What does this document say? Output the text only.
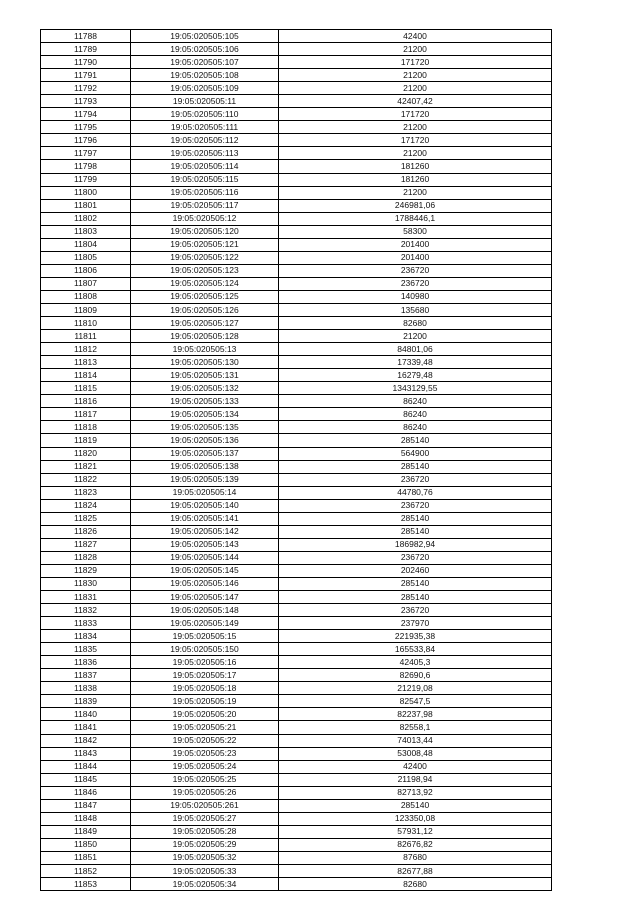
11788	19:05:020505:105	42400
11789	19:05:020505:106	21200
11790	19:05:020505:107	171720
11791	19:05:020505:108	21200
11792	19:05:020505:109	21200
11793	19:05:020505:11	42407,42
11794	19:05:020505:110	171720
11795	19:05:020505:111	21200
11796	19:05:020505:112	171720
11797	19:05:020505:113	21200
11798	19:05:020505:114	181260
11799	19:05:020505:115	181260
11800	19:05:020505:116	21200
11801	19:05:020505:117	246981,06
11802	19:05:020505:12	1788446,1
11803	19:05:020505:120	58300
11804	19:05:020505:121	201400
11805	19:05:020505:122	201400
11806	19:05:020505:123	236720
11807	19:05:020505:124	236720
11808	19:05:020505:125	140980
11809	19:05:020505:126	135680
11810	19:05:020505:127	82680
11811	19:05:020505:128	21200
11812	19:05:020505:13	84801,06
11813	19:05:020505:130	17339,48
11814	19:05:020505:131	16279,48
11815	19:05:020505:132	1343129,55
11816	19:05:020505:133	86240
11817	19:05:020505:134	86240
11818	19:05:020505:135	86240
11819	19:05:020505:136	285140
11820	19:05:020505:137	564900
11821	19:05:020505:138	285140
11822	19:05:020505:139	236720
11823	19:05:020505:14	44780,76
11824	19:05:020505:140	236720
11825	19:05:020505:141	285140
11826	19:05:020505:142	285140
11827	19:05:020505:143	186982,94
11828	19:05:020505:144	236720
11829	19:05:020505:145	202460
11830	19:05:020505:146	285140
11831	19:05:020505:147	285140
11832	19:05:020505:148	236720
11833	19:05:020505:149	237970
11834	19:05:020505:15	221935,38
11835	19:05:020505:150	165533,84
11836	19:05:020505:16	42405,3
11837	19:05:020505:17	82690,6
11838	19:05:020505:18	21219,08
11839	19:05:020505:19	82547,5
11840	19:05:020505:20	82237,98
11841	19:05:020505:21	82558,1
11842	19:05:020505:22	74013,44
11843	19:05:020505:23	53008,48
11844	19:05:020505:24	42400
11845	19:05:020505:25	21198,94
11846	19:05:020505:26	82713,92
11847	19:05:020505:261	285140
11848	19:05:020505:27	123350,08
11849	19:05:020505:28	57931,12
11850	19:05:020505:29	82676,82
11851	19:05:020505:32	87680
11852	19:05:020505:33	82677,88
11853	19:05:020505:34	82680
